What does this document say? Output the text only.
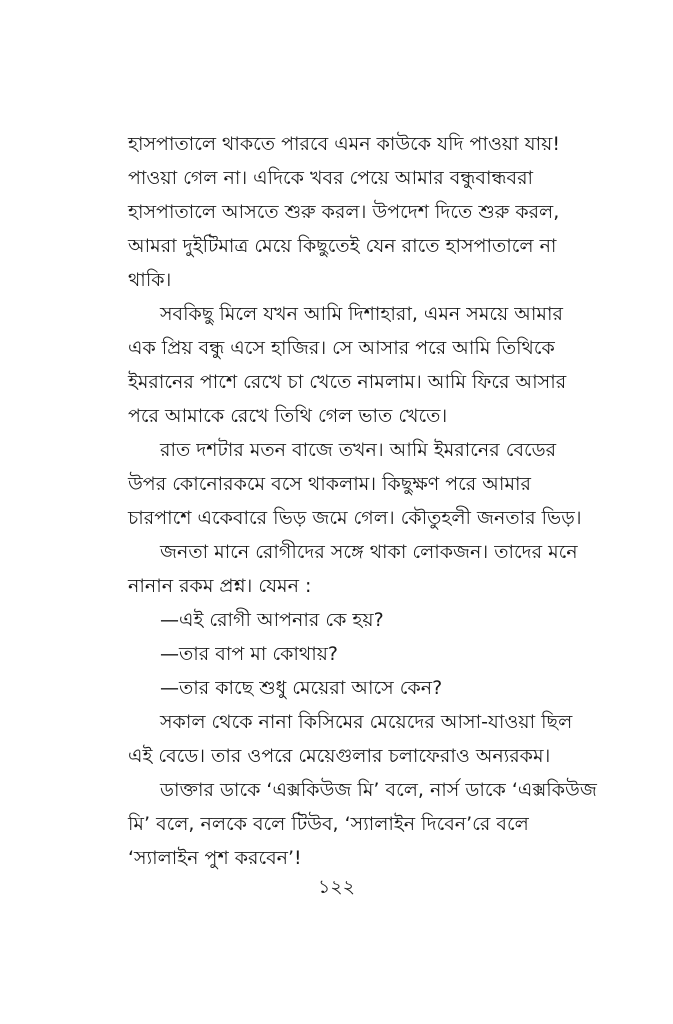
হাসপাতালে থাকতে পারবে এমন কাউকে যদি পাওয়া যায়!
পাওয়া গেল না। এদিকে খবর পেয়ে আমার বন্ধুবান্ধবরা
হাসপাতালে আসতে শুরু করল। উপদেশ দিতে শুরু করল,
আমরা দুইটিমাত্র মেয়ে কিছুতেই যেন রাতে হাসপাতালে না
থাকি।
সবকিছু মিলে যখন আমি দিশাহারা, এমন সময়ে আমার
এক প্রিয় বন্ধু এসে হাজির। সে আসার পরে আমি তিথিকে
ইমরানের পাশে রেখে চা খেতে নামলাম। আমি ফিরে আসার
পরে আমাকে রেখে তিথি গেল ভাত খেতে।
রাত দশটার মতন বাজে তখন। আমি ইমরানের বেডের
উপর কোনোরকমে বসে থাকলাম। কিছুক্ষণ পরে আমার
চারপাশে একেবারে ভিড় জমে গেল। কৌতুহলী জনতার ভিড়।
জনতা মানে রোগীদের সঙ্গে থাকা লোকজন। তাদের মনে
নানান রকম প্রশ্ন। যেমন :
—এই রোগী আপনার কে হয়?
—তার বাপ মা কোথায়?
—তার কাছে শুধু মেয়েরা আসে কেন?
সকাল থেকে নানা কিসিমের মেয়েদের আসা-যাওয়া ছিল
এই বেডে। তার ওপরে মেয়েগুলার চলাফেরাও অন্যরকম।
ডাক্তার ডাকে ‘এক্সকিউজ মি’ বলে, নার্স ডাকে ‘এক্সকিউজ
মি’ বলে, নলকে বলে টিউব, ‘স্যালাইন দিবেন’রে বলে
‘স্যালাইন পুশ করবেন’!
১২২
